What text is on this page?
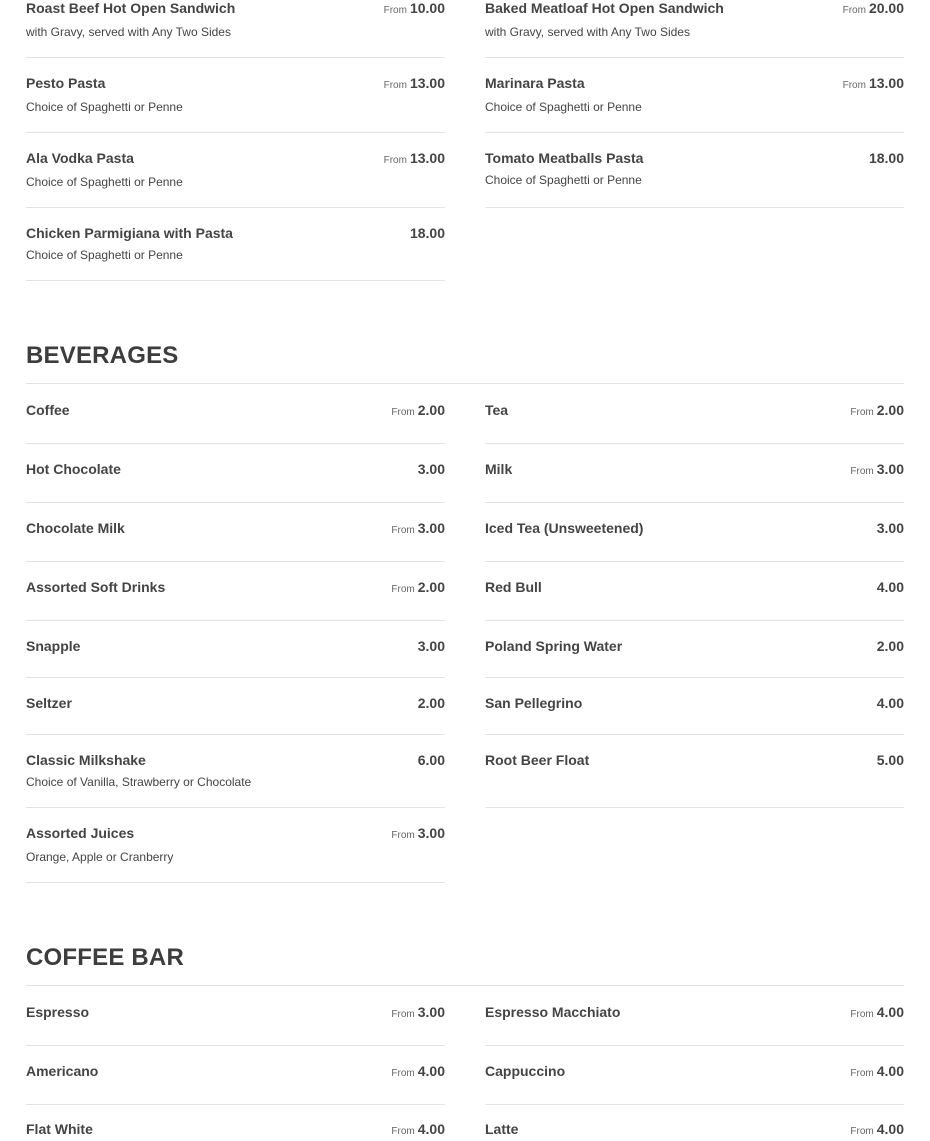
Roast Beef Hot Open Sandwich
with Gravy, served with Any Two Sides
From 10.00
Pesto Pasta
Choice of Spaghetti or Penne
From 13.00
Ala Vodka Pasta
Choice of Spaghetti or Penne
From 13.00
Chicken Parmigiana with Pasta
Choice of Spaghetti or Penne
18.00
Baked Meatloaf Hot Open Sandwich
with Gravy, served with Any Two Sides
From 20.00
Marinara Pasta
Choice of Spaghetti or Penne
From 13.00
Tomato Meatballs Pasta
Choice of Spaghetti or Penne
18.00
BEVERAGES
Coffee	From 2.00
Hot Chocolate	3.00
Chocolate Milk	From 3.00
Assorted Soft Drinks	From 2.00
Snapple	3.00
Seltzer	2.00
Classic Milkshake
Choice of Vanilla, Strawberry or Chocolate
6.00
Assorted Juices
Orange, Apple or Cranberry
From 3.00
Tea	From 2.00
Milk	From 3.00
Iced Tea (Unsweetened)	3.00
Red Bull	4.00
Poland Spring Water	2.00
San Pellegrino	4.00
Root Beer Float	5.00
COFFEE BAR
Espresso	From 3.00
Americano	From 4.00
Flat White	From 4.00
Espresso Macchiato	From 4.00
Cappuccino	From 4.00
Latte	From 4.00
